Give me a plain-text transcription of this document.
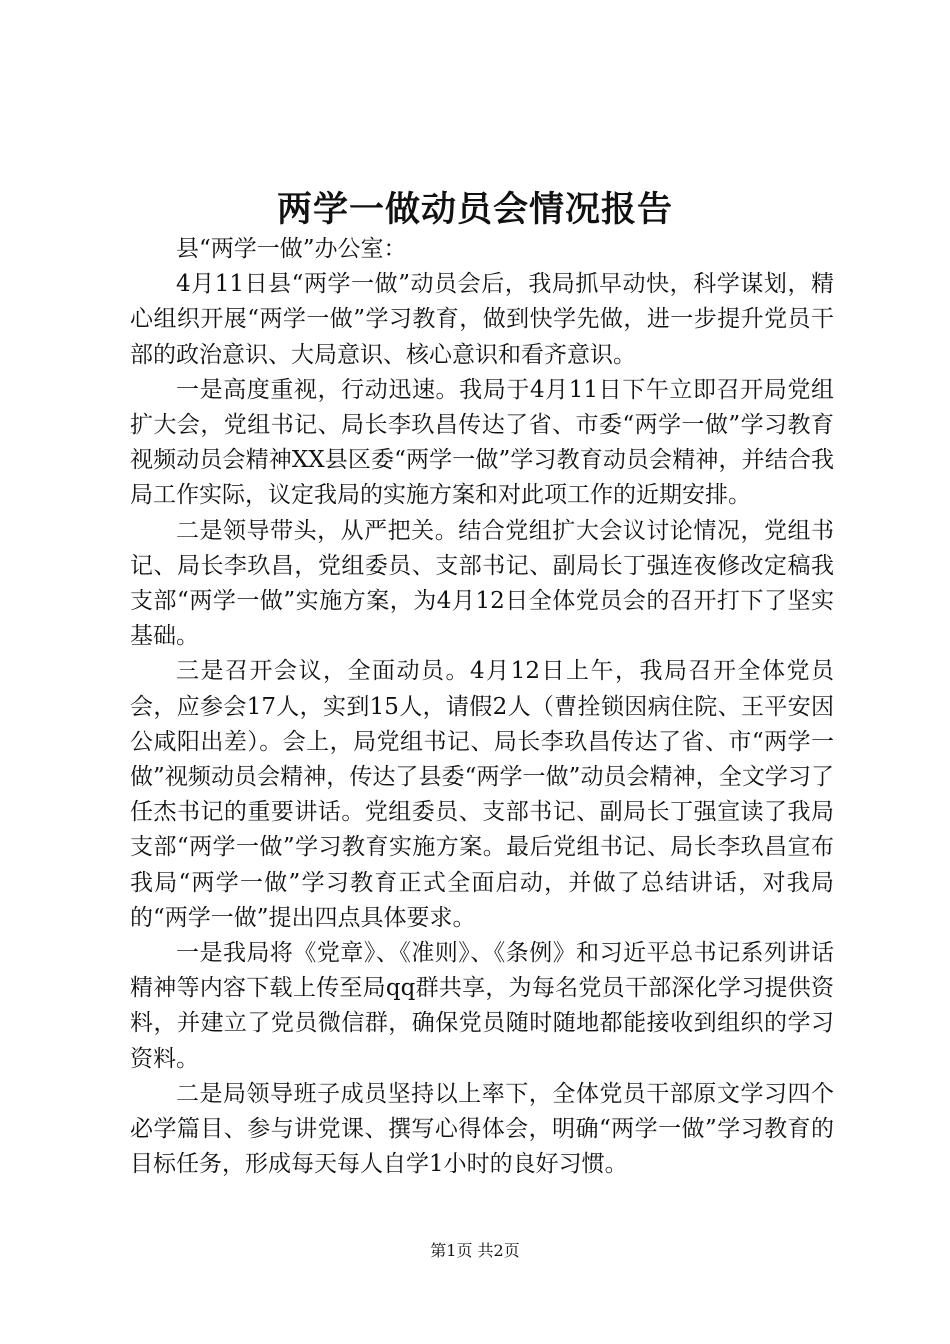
两学一做动员会情况报告

县“两学一做”办公室：

4月11日县“两学一做”动员会后，我局抓早动快，科学谋划，精心组织开展“两学一做”学习教育，做到快学先做，进一步提升党员干部的政治意识、大局意识、核心意识和看齐意识。

一是高度重视，行动迅速。我局于4月11日下午立即召开局党组扩大会，党组书记、局长李玖昌传达了省、市委“两学一做”学习教育视频动员会精神XX县区委“两学一做”学习教育动员会精神，并结合我局工作实际，议定我局的实施方案和对此项工作的近期安排。

二是领导带头，从严把关。结合党组扩大会议讨论情况，党组书记、局长李玖昌，党组委员、支部书记、副局长丁强连夜修改定稿我支部“两学一做”实施方案，为4月12日全体党员会的召开打下了坚实基础。

三是召开会议，全面动员。4月12日上午，我局召开全体党员会，应参会17人，实到15人，请假2人（曹拴锁因病住院、王平安因公咸阳出差）。会上，局党组书记、局长李玖昌传达了省、市“两学一做”视频动员会精神，传达了县委“两学一做”动员会精神，全文学习了任杰书记的重要讲话。党组委员、支部书记、副局长丁强宣读了我局支部“两学一做”学习教育实施方案。最后党组书记、局长李玖昌宣布我局“两学一做”学习教育正式全面启动，并做了总结讲话，对我局的“两学一做”提出四点具体要求。

一是我局将《党章》、《准则》、《条例》和习近平总书记系列讲话精神等内容下载上传至局qq群共享，为每名党员干部深化学习提供资料，并建立了党员微信群，确保党员随时随地都能接收到组织的学习资料。

二是局领导班子成员坚持以上率下，全体党员干部原文学习四个必学篇目、参与讲党课、撰写心得体会，明确“两学一做”学习教育的目标任务，形成每天每人自学1小时的良好习惯。

第1页 共2页
